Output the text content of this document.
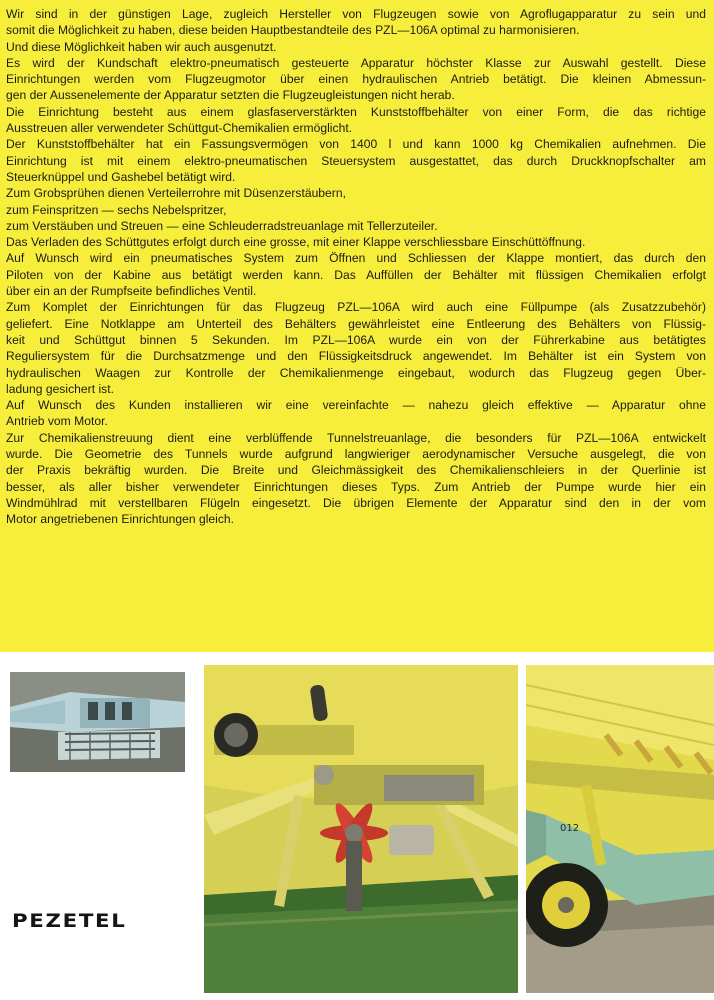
Wir sind in der günstigen Lage, zugleich Hersteller von Flugzeugen sowie von Agroflugapparatur zu sein und

somit die Möglichkeit zu haben, diese beiden Hauptbestandteile des PZL—106A optimal zu harmonisieren.

Und diese Möglichkeit haben wir auch ausgenutzt.

Es wird der Kundschaft elektro-pneumatisch gesteuerte Apparatur höchster Klasse zur Auswahl gestellt. Diese

Einrichtungen werden vom Flugzeugmotor über einen hydraulischen Antrieb betätigt. Die kleinen Abmessun-

gen der Aussenelemente der Apparatur setzten die Flugzeugleistungen nicht herab.

Die Einrichtung besteht aus einem glasfaserverstärkten Kunststoffbehälter von einer Form, die das richtige

Ausstreuen aller verwendeter Schüttgut-Chemikalien ermöglicht.

Der Kunststoffbehälter hat ein Fassungsvermögen von 1400 l und kann 1000 kg Chemikalien aufnehmen. Die

Einrichtung ist mit einem elektro-pneumatischen Steuersystem ausgestattet, das durch Druckknopfschalter am

Steuerknüppel und Gashebel betätigt wird.

Zum Grobsprühen dienen Verteilerrohre mit Düsenzerstäubern,

zum Feinspritzen — sechs Nebelspritzer,

zum Verstäuben und Streuen — eine Schleuderradstreuanlage mit Tellerzuteiler.

Das Verladen des Schüttgutes erfolgt durch eine grosse, mit einer Klappe verschliessbare Einschüttöffnung.

Auf Wunsch wird ein pneumatisches System zum Öffnen und Schliessen der Klappe montiert, das durch den

Piloten von der Kabine aus betätigt werden kann. Das Auffüllen der Behälter mit flüssigen Chemikalien erfolgt

über ein an der Rumpfseite befindliches Ventil.

Zum Komplet der Einrichtungen für das Flugzeug PZL—106A wird auch eine Füllpumpe (als Zusatzzubehör)

geliefert. Eine Notklappe am Unterteil des Behälters gewährleistet eine Entleerung des Behälters von Flüssig-

keit und Schüttgut binnen 5 Sekunden. Im PZL—106A wurde ein von der Führerkabine aus betätigtes

Reguliersystem für die Durchsatzmenge und den Flüssigkeitsdruck angewendet. Im Behälter ist ein System von

hydraulischen Waagen zur Kontrolle der Chemikalienmenge eingebaut, wodurch das Flugzeug gegen Über-

ladung gesichert ist.

Auf Wunsch des Kunden installieren wir eine vereinfachte — nahezu gleich effektive — Apparatur ohne

Antrieb vom Motor.

Zur Chemikalienstreuung dient eine verblüffende Tunnelstreuanlage, die besonders für PZL—106A entwickelt

wurde. Die Geometrie des Tunnels wurde aufgrund langwieriger aerodynamischer Versuche ausgelegt, die von

der Praxis bekräftig wurden. Die Breite und Gleichmässigkeit des Chemikalienschleiers in der Querlinie ist

besser, als aller bisher verwendeter Einrichtungen dieses Typs. Zum Antrieb der Pumpe wurde hier ein

Windmühlrad mit verstellbaren Flügeln eingesetzt. Die übrigen Elemente der Apparatur sind den in der vom

Motor angetriebenen Einrichtungen gleich.

012
PEZETEL
